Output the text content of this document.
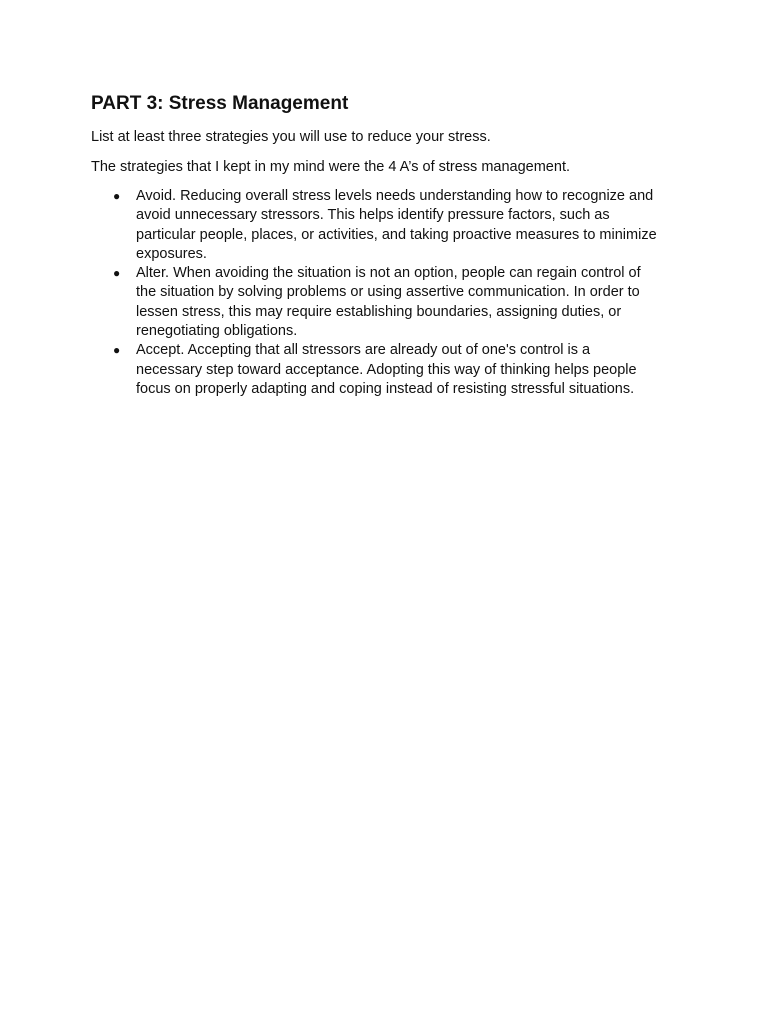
PART 3: Stress Management

List at least three strategies you will use to reduce your stress.

The strategies that I kept in my mind were the 4 A’s of stress management.

● Avoid. Reducing overall stress levels needs understanding how to recognize and
avoid unnecessary stressors. This helps identify pressure factors, such as
particular people, places, or activities, and taking proactive measures to minimize
exposures.
● Alter. When avoiding the situation is not an option, people can regain control of
the situation by solving problems or using assertive communication. In order to
lessen stress, this may require establishing boundaries, assigning duties, or
renegotiating obligations.
● Accept. Accepting that all stressors are already out of one's control is a
necessary step toward acceptance. Adopting this way of thinking helps people
focus on properly adapting and coping instead of resisting stressful situations.
